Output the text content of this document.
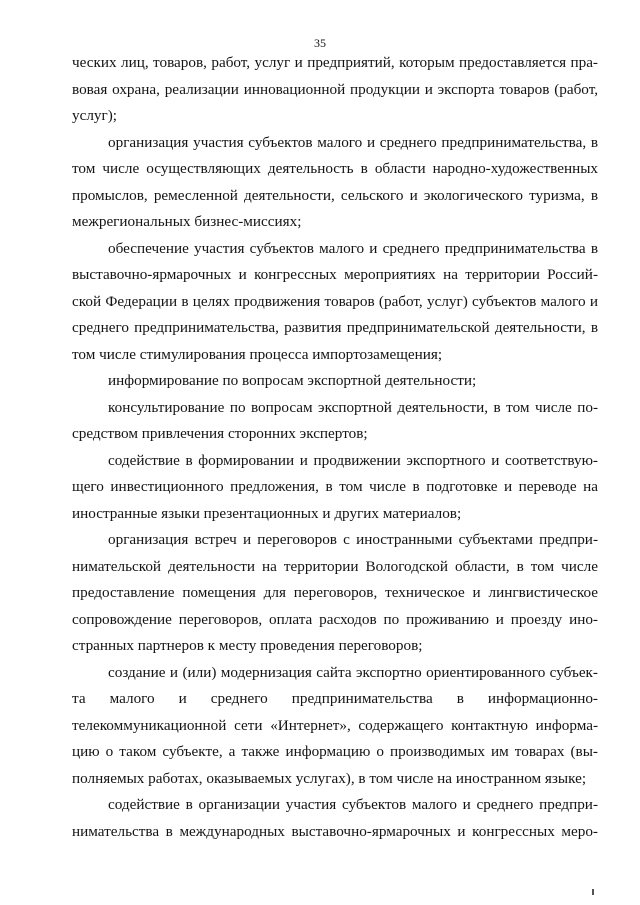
35
ческих лиц, товаров, работ, услуг и предприятий, которым предоставляется пра-
вовая охрана, реализации инновационной продукции и экспорта товаров (работ,
услуг);
организация участия субъектов малого и среднего предпринимательства, в
том числе осуществляющих деятельность в области народно-художественных
промыслов, ремесленной деятельности, сельского и экологического туризма, в
межрегиональных бизнес-миссиях;
обеспечение участия субъектов малого и среднего предпринимательства в
выставочно-ярмарочных и конгрессных мероприятиях на территории Россий-
ской Федерации в целях продвижения товаров (работ, услуг) субъектов малого и
среднего предпринимательства, развития предпринимательской деятельности, в
том числе стимулирования процесса импортозамещения;
информирование по вопросам экспортной деятельности;
консультирование по вопросам экспортной деятельности, в том числе по-
средством привлечения сторонних экспертов;
содействие в формировании и продвижении экспортного и соответствую-
щего инвестиционного предложения, в том числе в подготовке и переводе на
иностранные языки презентационных и других материалов;
организация встреч и переговоров с иностранными субъектами предпри-
нимательской деятельности на территории Вологодской области, в том числе
предоставление помещения для переговоров, техническое и лингвистическое
сопровождение переговоров, оплата расходов по проживанию и проезду ино-
странных партнеров к месту проведения переговоров;
создание и (или) модернизация сайта экспортно ориентированного субъек-
та малого и среднего предпринимательства в информационно-
телекоммуникационной сети «Интернет», содержащего контактную информа-
цию о таком субъекте, а также информацию о производимых им товарах (вы-
полняемых работах, оказываемых услугах), в том числе на иностранном языке;
содействие в организации участия субъектов малого и среднего предпри-
нимательства в международных выставочно-ярмарочных и конгрессных меро-
